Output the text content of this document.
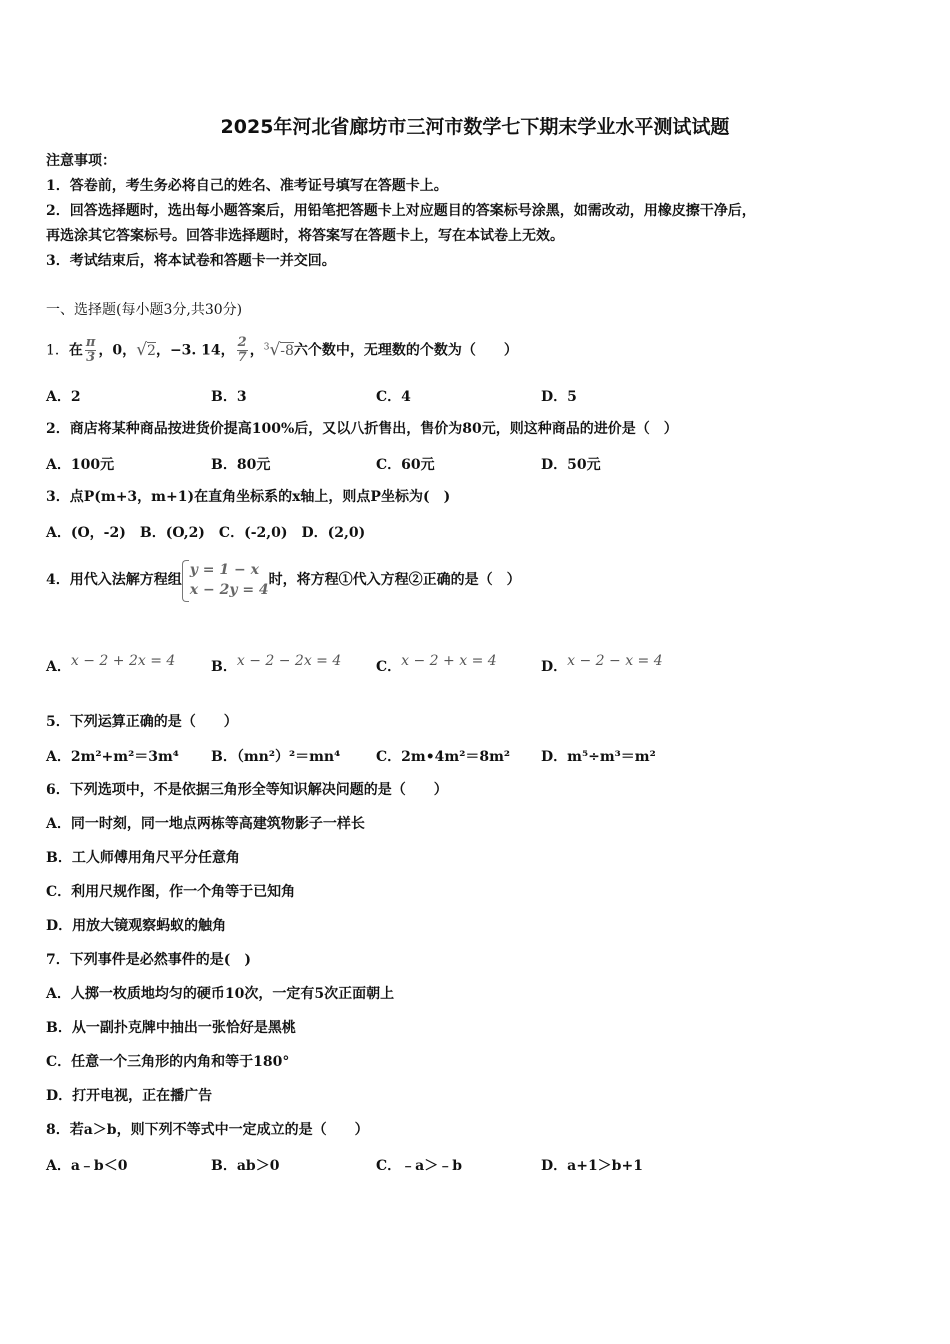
2025年河北省廊坊市三河市数学七下期末学业水平测试试题
注意事项：
1．答卷前，考生务必将自己的姓名、准考证号填写在答题卡上。
2．回答选择题时，选出每小题答案后，用铅笔把答题卡上对应题目的答案标号涂黑，如需改动，用橡皮擦干净后，
再选涂其它答案标号。回答非选择题时，将答案写在答题卡上，写在本试卷上无效。
3．考试结束后，将本试卷和答题卡一并交回。
一、选择题(每小题3分,共30分)
1．在 $\frac{\pi}{3}$ ，0，√2，−3. 14， $\frac{2}{7}$ ，$^3$√-8六个数中，无理数的个数为（　　）
A．2	B．3	C．4	D．5
2．商店将某种商品按进货价提高100%后，又以八折售出，售价为80元，则这种商品的进价是（　）
A．100元	B．80元	C．60元	D．50元
3．点P(m+3，m+1)在直角坐标系的x轴上，则点P坐标为(　)
A．(O，-2)　B．(O,2)　C．(-2,0)　D．(2,0)
4．用代入法解方程组
y = 1 − x
x − 2y = 4
时，将方程①代入方程②正确的是（　）
A．x − 2 + 2x = 4	B．x − 2 − 2x = 4 C．x − 2 + x = 4	D．x − 2 − x = 4
5．下列运算正确的是（　　）
A．2m²+m²＝3m⁴ B．（mn²）²＝mn⁴	C．2m•4m²＝8m² D．m⁵÷m³＝m²
6．下列选项中，不是依据三角形全等知识解决问题的是（　　）
A．同一时刻，同一地点两栋等高建筑物影子一样长
B．工人师傅用角尺平分任意角
C．利用尺规作图，作一个角等于已知角
D．用放大镜观察蚂蚁的触角
7．下列事件是必然事件的是(　)
A．人掷一枚质地均匀的硬币10次，一定有5次正面朝上
B．从一副扑克牌中抽出一张恰好是黑桃
C．任意一个三角形的内角和等于180°
D．打开电视，正在播广告
8．若a＞b，则下列不等式中一定成立的是（　　）
A．a﹣b＜0	B．ab＞0	C．﹣a＞﹣b	D．a+1＞b+1
